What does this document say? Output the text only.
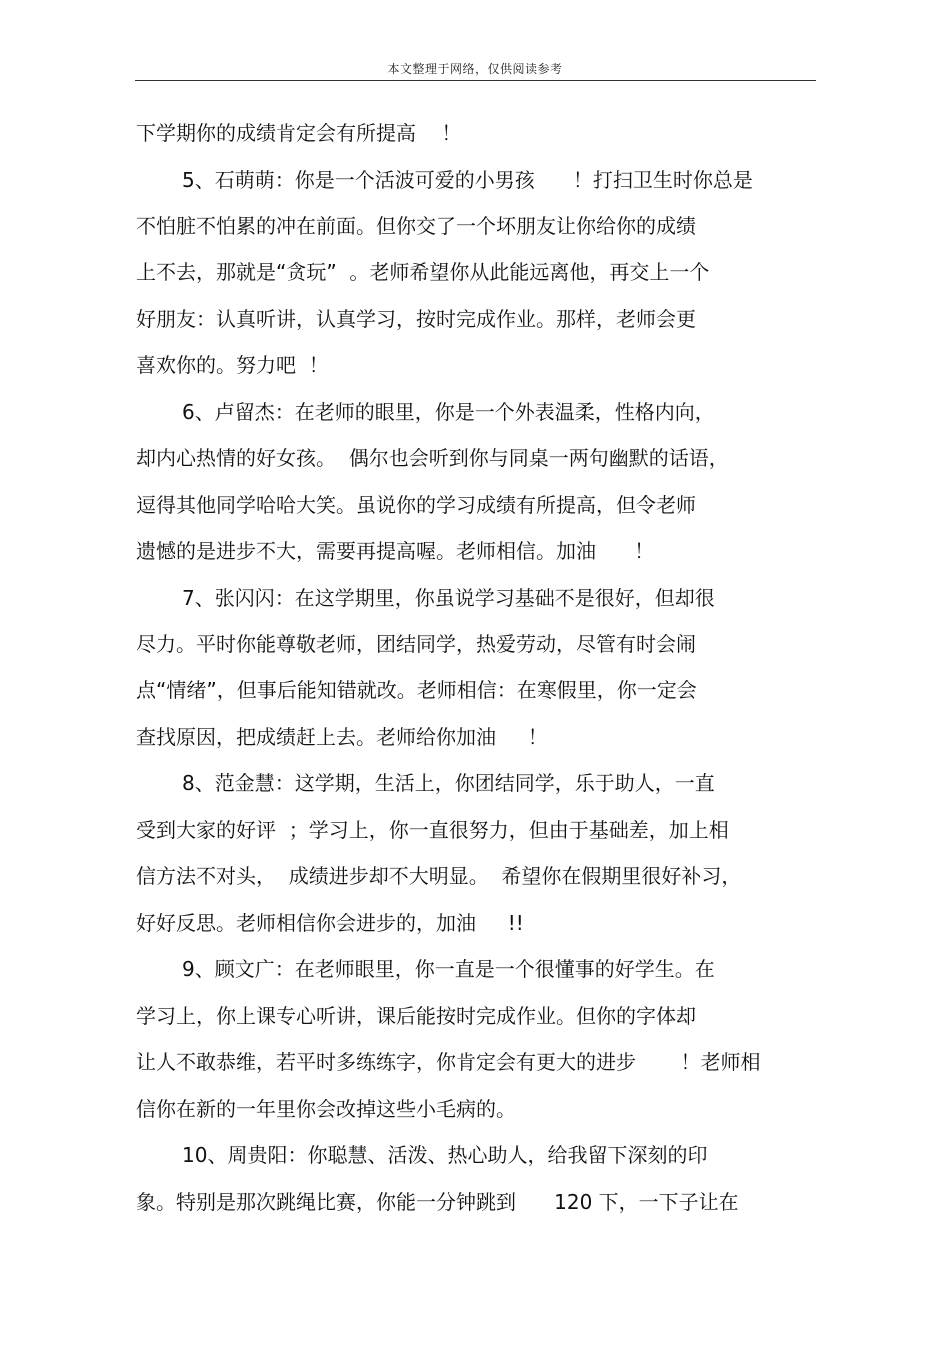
本文整理于网络，仅供阅读参考
下学期你的成绩肯定会有所提高    ！
5、石萌萌：你是一个活波可爱的小男孩      ！打扫卫生时你总是
不怕脏不怕累的冲在前面。但你交了一个坏朋友让你给你的成绩
上不去，那就是“贪玩”  。老师希望你从此能远离他，再交上一个
好朋友：认真听讲，认真学习，按时完成作业。那样，老师会更
喜欢你的。努力吧  ！
6、卢留杰：在老师的眼里，你是一个外表温柔，性格内向，
却内心热情的好女孩。  偶尔也会听到你与同桌一两句幽默的话语，
逗得其他同学哈哈大笑。虽说你的学习成绩有所提高，但令老师
遗憾的是进步不大，需要再提高喔。老师相信。加油      ！
7、张闪闪：在这学期里，你虽说学习基础不是很好，但却很
尽力。平时你能尊敬老师，团结同学，热爱劳动，尽管有时会闹
点“情绪”，但事后能知错就改。老师相信：在寒假里，你一定会
查找原因，把成绩赶上去。老师给你加油     ！
8、范金慧：这学期，生活上，你团结同学，乐于助人，一直
受到大家的好评  ；学习上，你一直很努力，但由于基础差，加上相
信方法不对头，  成绩进步却不大明显。  希望你在假期里很好补习，
好好反思。老师相信你会进步的，加油     !!
9、顾文广：在老师眼里，你一直是一个很懂事的好学生。在
学习上，你上课专心听讲，课后能按时完成作业。但你的字体却
让人不敢恭维，若平时多练练字，你肯定会有更大的进步       ！老师相
信你在新的一年里你会改掉这些小毛病的。
10、周贵阳：你聪慧、活泼、热心助人，给我留下深刻的印
象。特别是那次跳绳比赛，你能一分钟跳到      120 下，一下子让在
